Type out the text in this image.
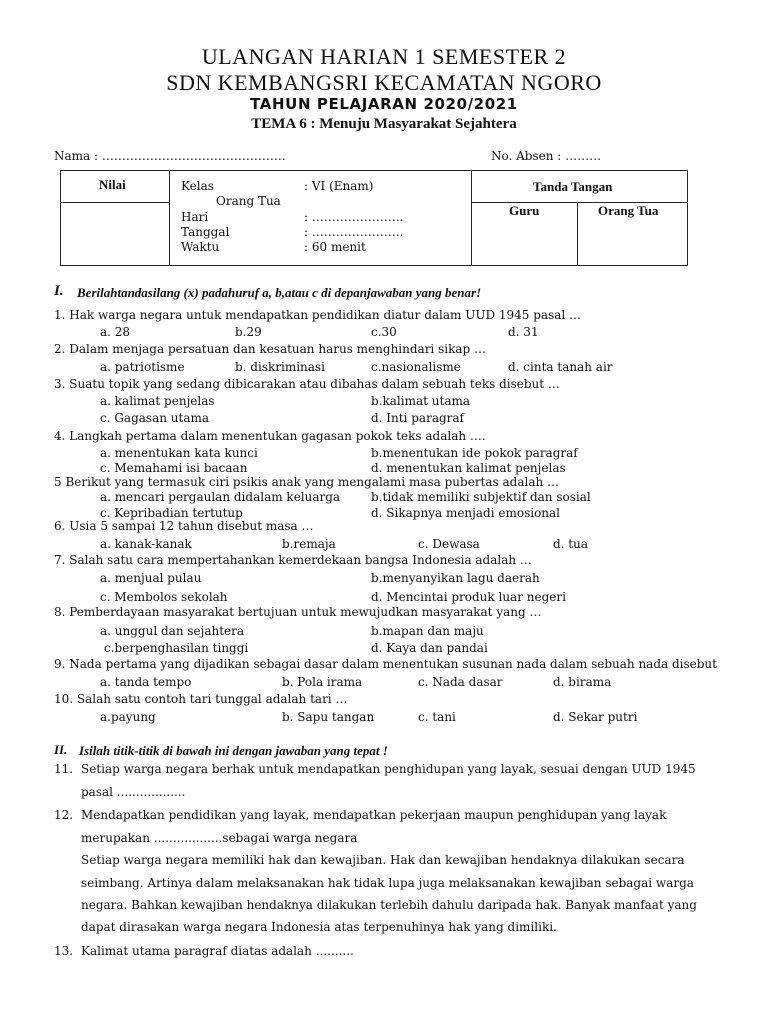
ULANGAN HARIAN 1 SEMESTER 2
SDN KEMBANGSRI KECAMATAN NGORO
TAHUN PELAJARAN 2020/2021
TEMA 6 : Menuju Masyarakat Sejahtera
Nama : ……………………………………….	No. Absen : ………
Nilai	Kelas	: VI (Enam)
Orang Tua
Hari	: …………………..
Tanggal	: …………………..
Waktu	: 60 menit
Tanda Tangan
Guru	Orang Tua
I. Berilahtandasilang (x) padahuruf a, b,atau c di depanjawaban yang benar!
II. Isilah titik-titik di bawah ini dengan jawaban yang tepat !
11. Setiap warga negara berhak untuk mendapatkan penghidupan yang layak, sesuai dengan UUD 1945
pasal ..................
12. Mendapatkan pendidikan yang layak, mendapatkan pekerjaan maupun penghidupan yang layak
merupakan ..................sebagai warga negara
Setiap warga negara memiliki hak dan kewajiban. Hak dan kewajiban hendaknya dilakukan secara
seimbang. Artinya dalam melaksanakan hak tidak lupa juga melaksanakan kewajiban sebagai warga
negara. Bahkan kewajiban hendaknya dilakukan terlebih dahulu daripada hak. Banyak manfaat yang
dapat dirasakan warga negara Indonesia atas terpenuhinya hak yang dimiliki.
13. Kalimat utama paragraf diatas adalah ..........
1. Hak warga negara untuk mendapatkan pendidikan diatur dalam UUD 1945 pasal …
a. 28	b.29	c.30	d. 31
2. Dalam menjaga persatuan dan kesatuan harus menghindari sikap …
a. patriotisme	b. diskriminasi	c.nasionalisme	d. cinta tanah air
3. Suatu topik yang sedang dibicarakan atau dibahas dalam sebuah teks disebut …
a. kalimat penjelas	b.kalimat utama
c. Gagasan utama	d. Inti paragraf
4. Langkah pertama dalam menentukan gagasan pokok teks adalah ….
a. menentukan kata kunci	b.menentukan ide pokok paragraf
c. Memahami isi bacaan	d. menentukan kalimat penjelas
5 Berikut yang termasuk ciri psikis anak yang mengalami masa pubertas adalah …
a. mencari pergaulan didalam keluarga	b.tidak memiliki subjektif dan sosial
c. Kepribadian tertutup	d. Sikapnya menjadi emosional
6. Usia 5 sampai 12 tahun disebut masa …
a. kanak-kanak	b.remaja	c. Dewasa	d. tua
7. Salah satu cara mempertahankan kemerdekaan bangsa Indonesia adalah …
a. menjual pulau	b.menyanyikan lagu daerah
c. Membolos sekolah	d. Mencintai produk luar negeri
8. Pemberdayaan masyarakat bertujuan untuk mewujudkan masyarakat yang …
a. unggul dan sejahtera	b.mapan dan maju
c.berpenghasilan tinggi	d. Kaya dan pandai
9. Nada pertama yang dijadikan sebagai dasar dalam menentukan susunan nada dalam sebuah nada disebut
a. tanda tempo	b. Pola irama	c. Nada dasar	d. birama
10. Salah satu contoh tari tunggal adalah tari …
a.payung	b. Sapu tangan	c. tani	d. Sekar putri
